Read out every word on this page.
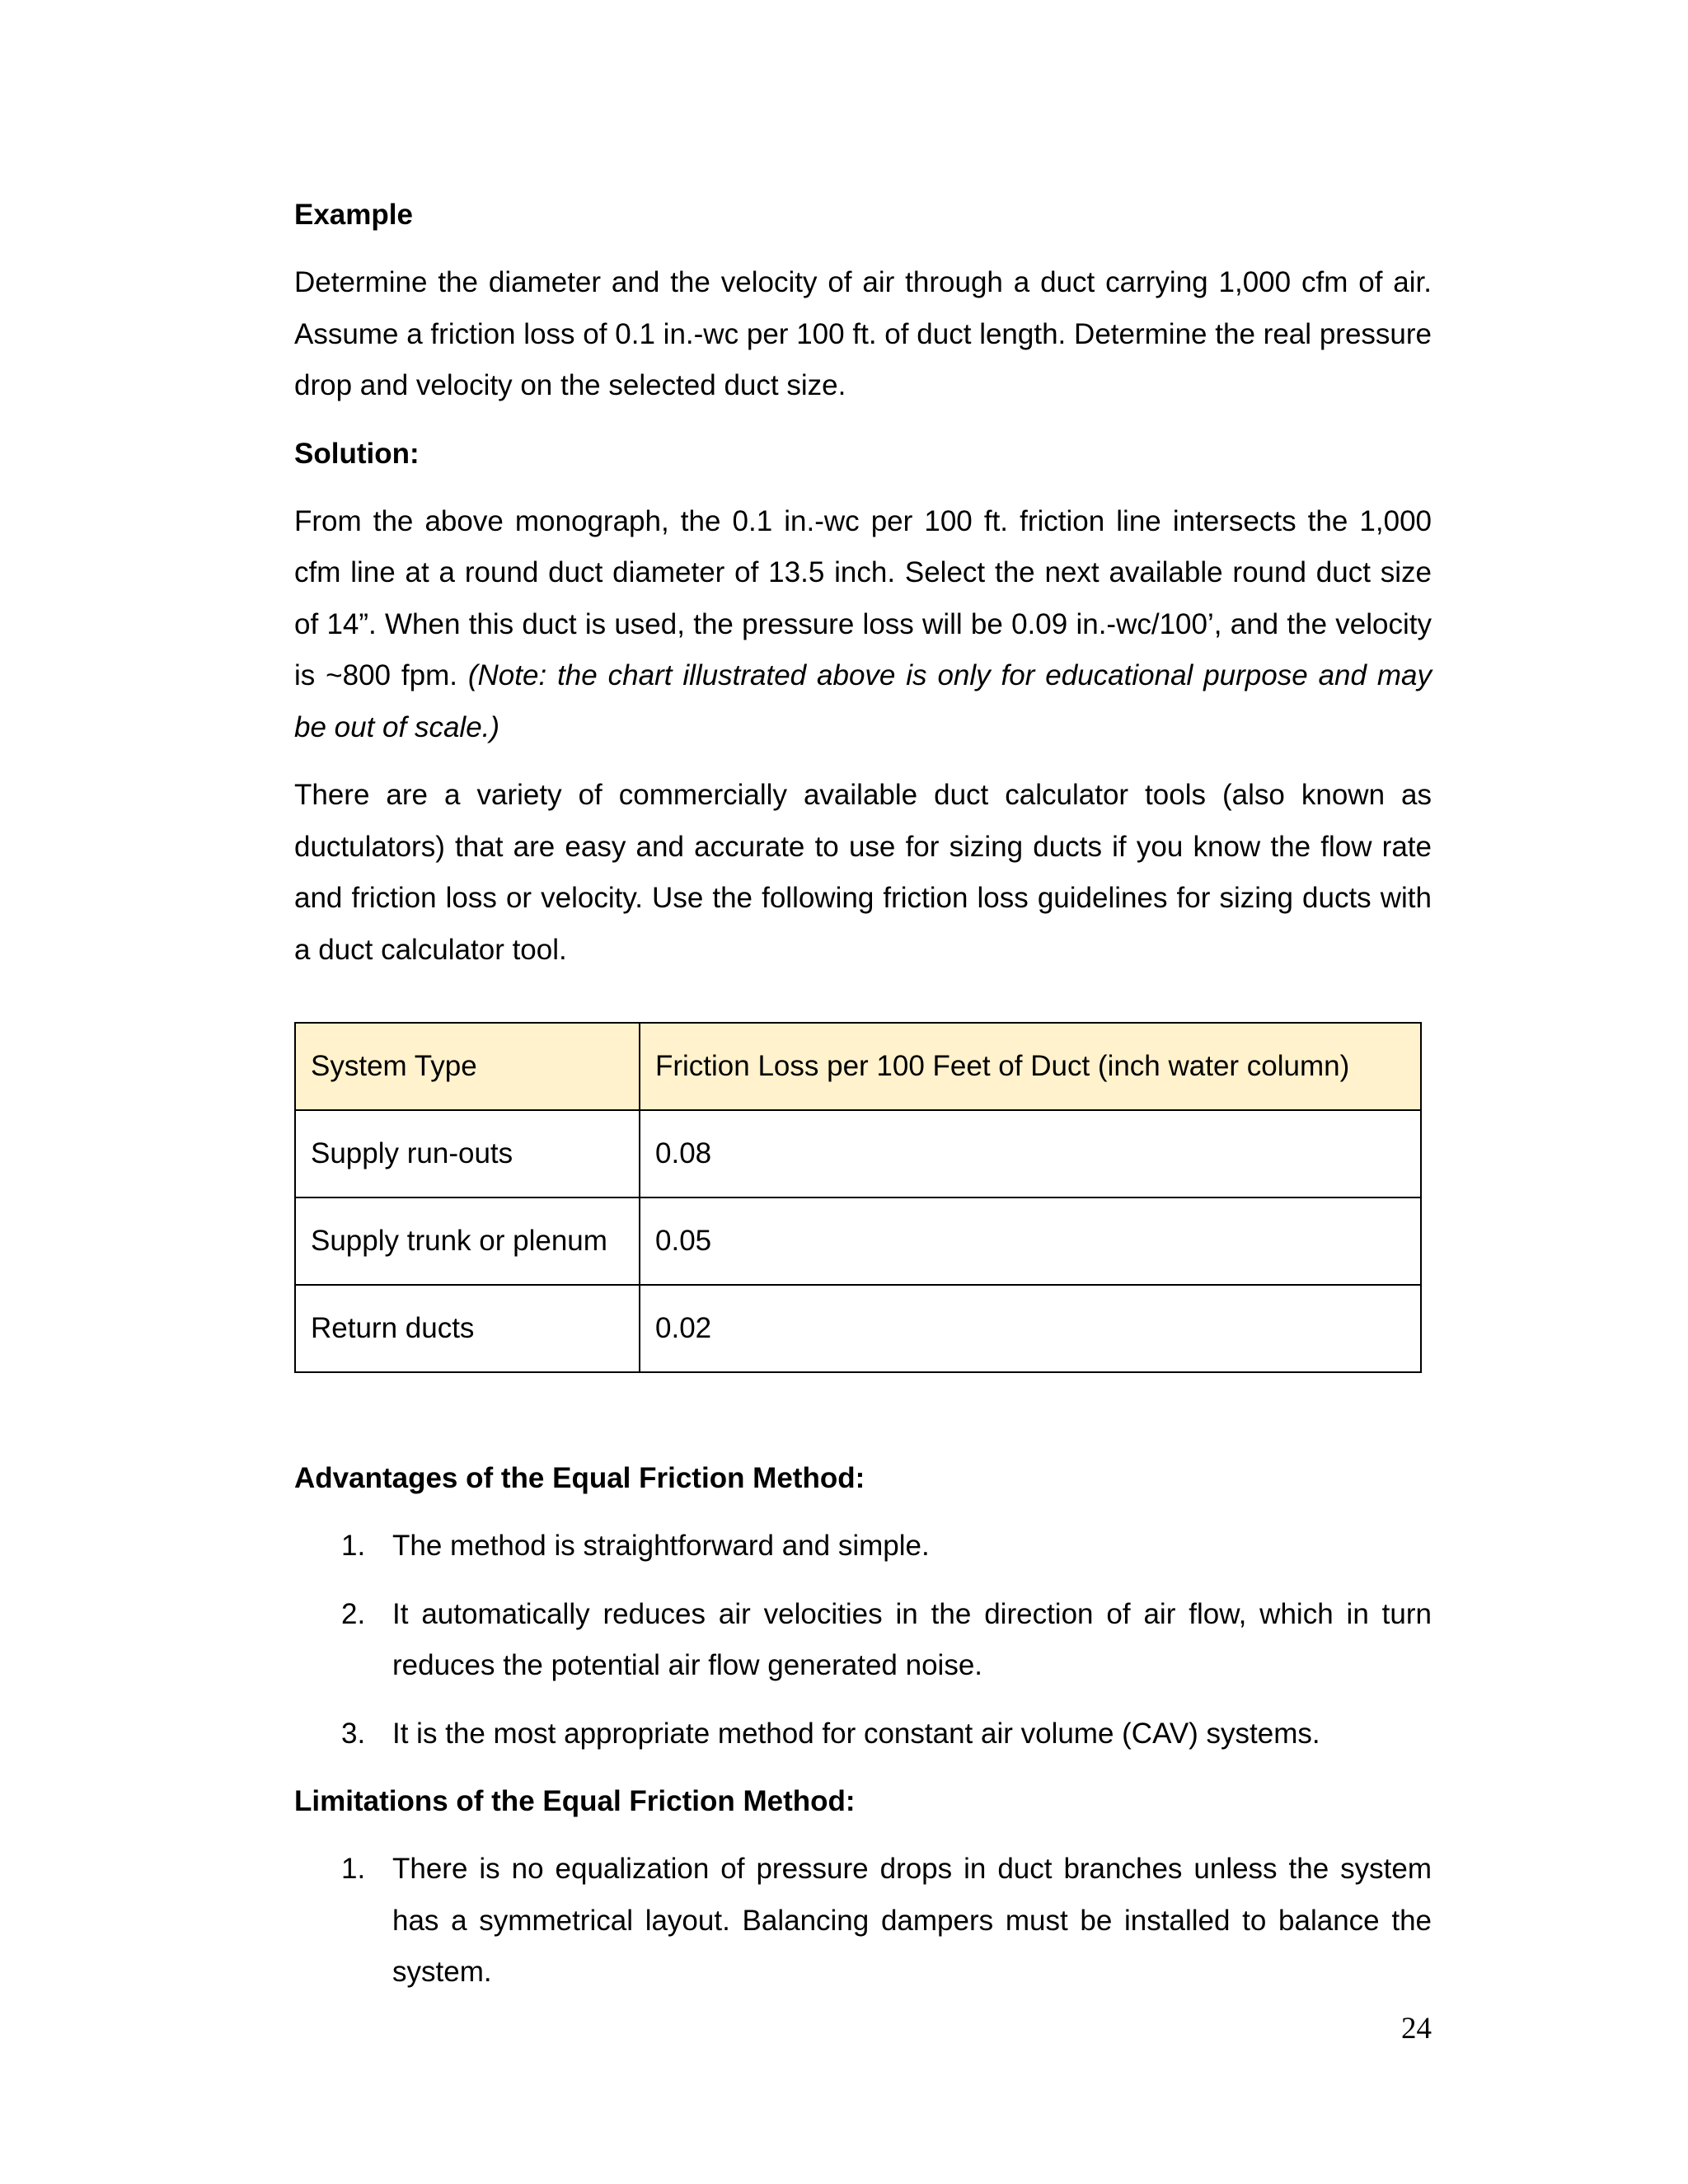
Example

Determine the diameter and the velocity of air through a duct carrying 1,000 cfm of air. Assume a friction loss of 0.1 in.-wc per 100 ft. of duct length. Determine the real pressure drop and velocity on the selected duct size.

Solution:

From the above monograph, the 0.1 in.-wc per 100 ft. friction line intersects the 1,000 cfm line at a round duct diameter of 13.5 inch. Select the next available round duct size of 14”. When this duct is used, the pressure loss will be 0.09 in.-wc/100’, and the velocity is ~800 fpm. (Note: the chart illustrated above is only for educational purpose and may be out of scale.)

There are a variety of commercially available duct calculator tools (also known as ductulators) that are easy and accurate to use for sizing ducts if you know the flow rate and friction loss or velocity. Use the following friction loss guidelines for sizing ducts with a duct calculator tool.

System Type	Friction Loss per 100 Feet of Duct (inch water column)
Supply run-outs	0.08
Supply trunk or plenum	0.05
Return ducts	0.02

Advantages of the Equal Friction Method:

1. The method is straightforward and simple.
2. It automatically reduces air velocities in the direction of air flow, which in turn reduces the potential air flow generated noise.
3. It is the most appropriate method for constant air volume (CAV) systems.

Limitations of the Equal Friction Method:

1. There is no equalization of pressure drops in duct branches unless the system has a symmetrical layout. Balancing dampers must be installed to balance the system.
24
